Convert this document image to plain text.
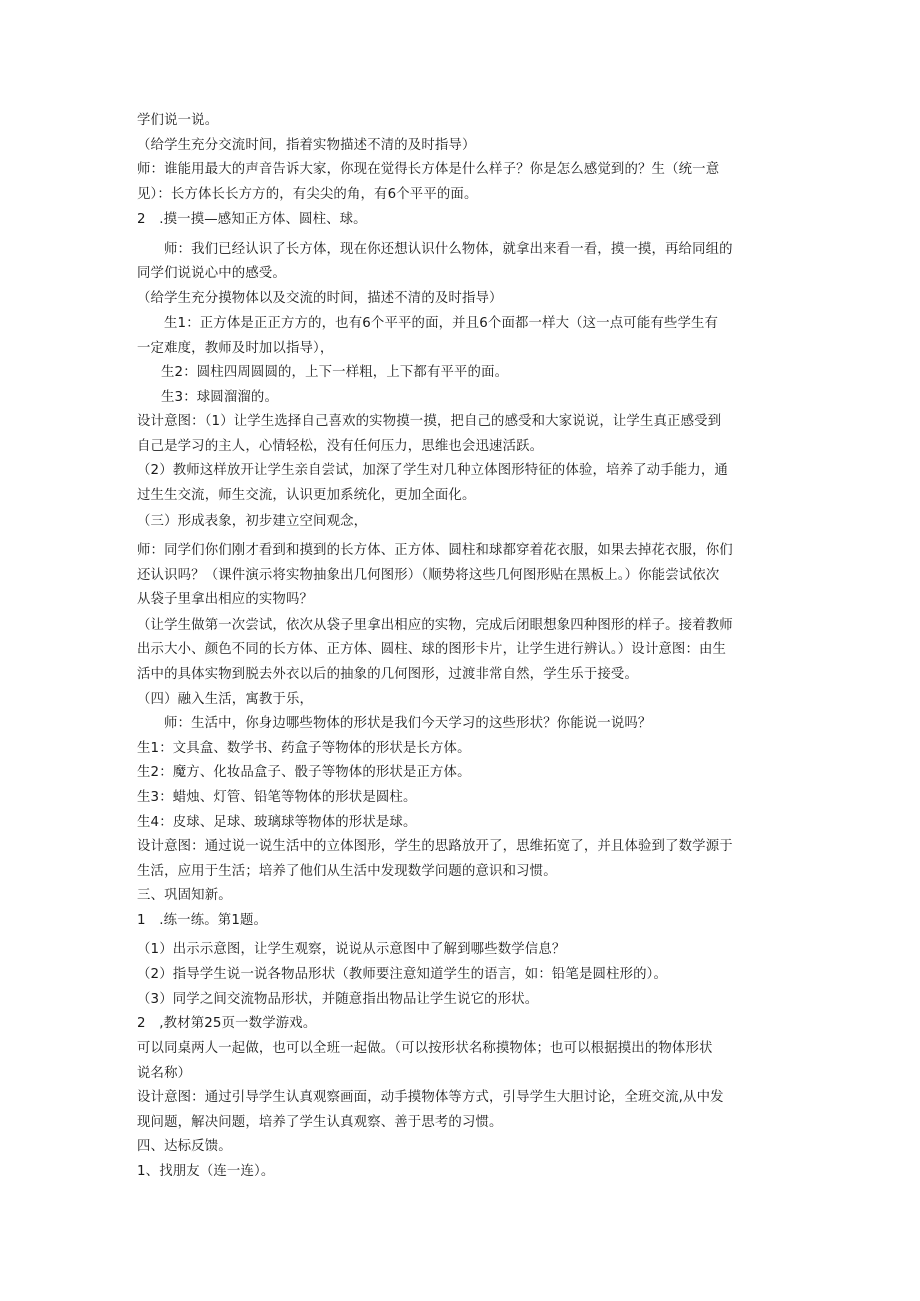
学们说一说。
（给学生充分交流时间，指着实物描述不清的及时指导）
师：谁能用最大的声音告诉大家，你现在觉得长方体是什么样子？你是怎么感觉到的？生（统一意
见）：长方体长长方方的，有尖尖的角，有6个平平的面。
2　.摸一摸—感知正方体、圆柱、球。
师：我们已经认识了长方体，现在你还想认识什么物体，就拿出来看一看，摸一摸，再给同组的
同学们说说心中的感受。
（给学生充分摸物体以及交流的时间，描述不清的及时指导）
生1：正方体是正正方方的，也有6个平平的面，并且6个面都一样大（这一点可能有些学生有
一定难度，教师及时加以指导），
生2：圆柱四周圆圆的，上下一样粗，上下都有平平的面。
生3：球圆溜溜的。
设计意图：（1）让学生选择自己喜欢的实物摸一摸，把自己的感受和大家说说，让学生真正感受到
自己是学习的主人，心情轻松，没有任何压力，思维也会迅速活跃。
（2）教师这样放开让学生亲自尝试，加深了学生对几种立体图形特征的体验，培养了动手能力，通
过生生交流，师生交流，认识更加系统化，更加全面化。
（三）形成表象，初步建立空间观念，
师：同学们你们刚才看到和摸到的长方体、正方体、圆柱和球都穿着花衣服，如果去掉花衣服，你们
还认识吗？（课件演示将实物抽象出几何图形）（顺势将这些几何图形贴在黑板上。）你能尝试依次
从袋子里拿出相应的实物吗？
（让学生做第一次尝试，依次从袋子里拿出相应的实物，完成后闭眼想象四种图形的样子。接着教师
出示大小、颜色不同的长方体、正方体、圆柱、球的图形卡片，让学生进行辨认。）设计意图：由生
活中的具体实物到脱去外衣以后的抽象的几何图形，过渡非常自然，学生乐于接受。
（四）融入生活，寓教于乐，
师：生活中，你身边哪些物体的形状是我们今天学习的这些形状？你能说一说吗？
生1：文具盒、数学书、药盒子等物体的形状是长方体。
生2：魔方、化妆品盒子、骰子等物体的形状是正方体。
生3：蜡烛、灯管、铅笔等物体的形状是圆柱。
生4：皮球、足球、玻璃球等物体的形状是球。
设计意图：通过说一说生活中的立体图形，学生的思路放开了，思维拓宽了，并且体验到了数学源于
生活，应用于生活；培养了他们从生活中发现数学问题的意识和习惯。
三、巩固知新。
1　.练一练。第1题。
（1）出示示意图，让学生观察，说说从示意图中了解到哪些数学信息？
（2）指导学生说一说各物品形状（教师要注意知道学生的语言，如：铅笔是圆柱形的）。
（3）同学之间交流物品形状，并随意指出物品让学生说它的形状。
2　,教材第25页一数学游戏。
可以同桌两人一起做，也可以全班一起做。（可以按形状名称摸物体；也可以根据摸出的物体形状
说名称）
设计意图：通过引导学生认真观察画面，动手摸物体等方式，引导学生大胆讨论，全班交流,从中发
现问题，解决问题，培养了学生认真观察、善于思考的习惯。
四、达标反馈。
1、找朋友（连一连）。
